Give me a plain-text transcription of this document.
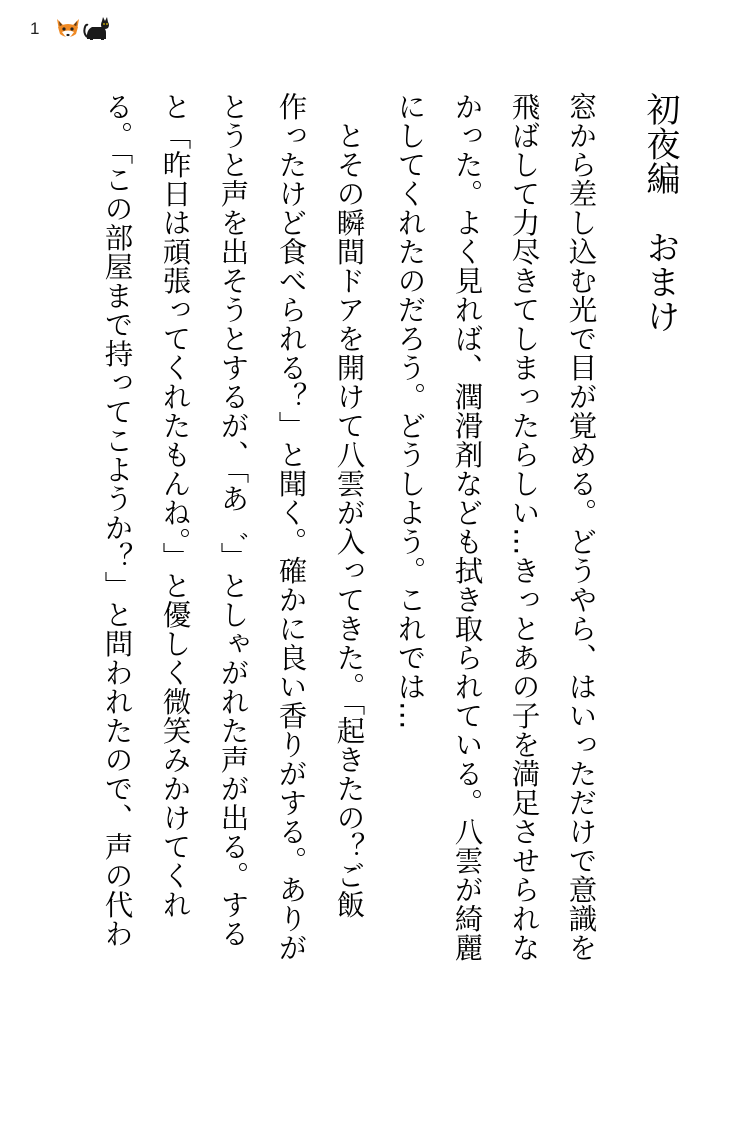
1
初夜編　おまけ
窓から差し込む光で目が覚める。どうやら、はいっただけで意識を
飛ばして力尽きてしまったらしい…きっとあの子を満足させられな
かった。よく見れば、潤滑剤なども拭き取られている。八雲が綺麗
にしてくれたのだろう。どうしよう。これでは…
　とその瞬間ドアを開けて八雲が入ってきた。「起きたの？ご飯
作ったけど食べられる？」と聞く。確かに良い香りがする。ありが
とうと声を出そうとするが、「あ゛」としゃがれた声が出る。する
と「昨日は頑張ってくれたもんね。」と優しく微笑みかけてくれ
る。「この部屋まで持ってこようか？」と問われたので、声の代わ
